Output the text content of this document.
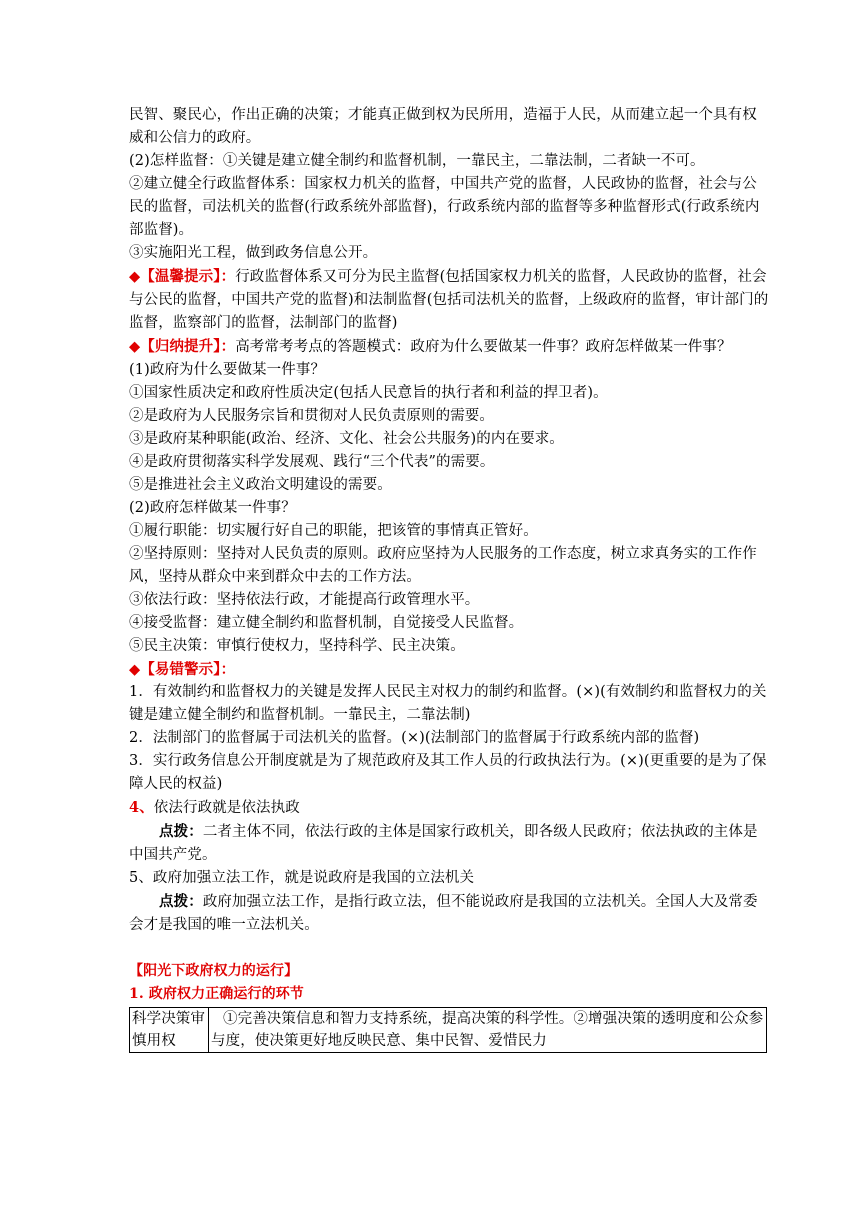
民智、聚民心，作出正确的决策；才能真正做到权为民所用，造福于人民，从而建立起一个具有权威和公信力的政府。

(2)怎样监督：①关键是建立健全制约和监督机制，一靠民主，二靠法制，二者缺一不可。

②建立健全行政监督体系：国家权力机关的监督，中国共产党的监督，人民政协的监督，社会与公民的监督，司法机关的监督(行政系统外部监督)，行政系统内部的监督等多种监督形式(行政系统内部监督)。

③实施阳光工程，做到政务信息公开。

◆【温馨提示】：行政监督体系又可分为民主监督(包括国家权力机关的监督，人民政协的监督，社会与公民的监督，中国共产党的监督)和法制监督(包括司法机关的监督，上级政府的监督，审计部门的监督，监察部门的监督，法制部门的监督)

◆【归纳提升】：高考常考考点的答题模式：政府为什么要做某一件事？政府怎样做某一件事？

(1)政府为什么要做某一件事？

①国家性质决定和政府性质决定(包括人民意旨的执行者和利益的捍卫者)。

②是政府为人民服务宗旨和贯彻对人民负责原则的需要。

③是政府某种职能(政治、经济、文化、社会公共服务)的内在要求。

④是政府贯彻落实科学发展观、践行“三个代表”的需要。

⑤是推进社会主义政治文明建设的需要。

(2)政府怎样做某一件事？

①履行职能：切实履行好自己的职能，把该管的事情真正管好。

②坚持原则：坚持对人民负责的原则。政府应坚持为人民服务的工作态度，树立求真务实的工作作风，坚持从群众中来到群众中去的工作方法。

③依法行政：坚持依法行政，才能提高行政管理水平。

④接受监督：建立健全制约和监督机制，自觉接受人民监督。

⑤民主决策：审慎行使权力，坚持科学、民主决策。

◆【易错警示】：

1．有效制约和监督权力的关键是发挥人民民主对权力的制约和监督。(×)(有效制约和监督权力的关键是建立健全制约和监督机制。一靠民主，二靠法制)

2．法制部门的监督属于司法机关的监督。(×)(法制部门的监督属于行政系统内部的监督)

3．实行政务信息公开制度就是为了规范政府及其工作人员的行政执法行为。(×)(更重要的是为了保障人民的权益)

4、依法行政就是依法执政

点拨：二者主体不同，依法行政的主体是国家行政机关，即各级人民政府；依法执政的主体是中国共产党。

5、政府加强立法工作，就是说政府是我国的立法机关

点拨：政府加强立法工作，是指行政立法，但不能说政府是我国的立法机关。全国人大及常委会才是我国的唯一立法机关。

【阳光下政府权力的运行】

1. 政府权力正确运行的环节

科学决策审慎用权	①完善决策信息和智力支持系统，提高决策的科学性。②增强决策的透明度和公众参与度，使决策更好地反映民意、集中民智、爱惜民力
